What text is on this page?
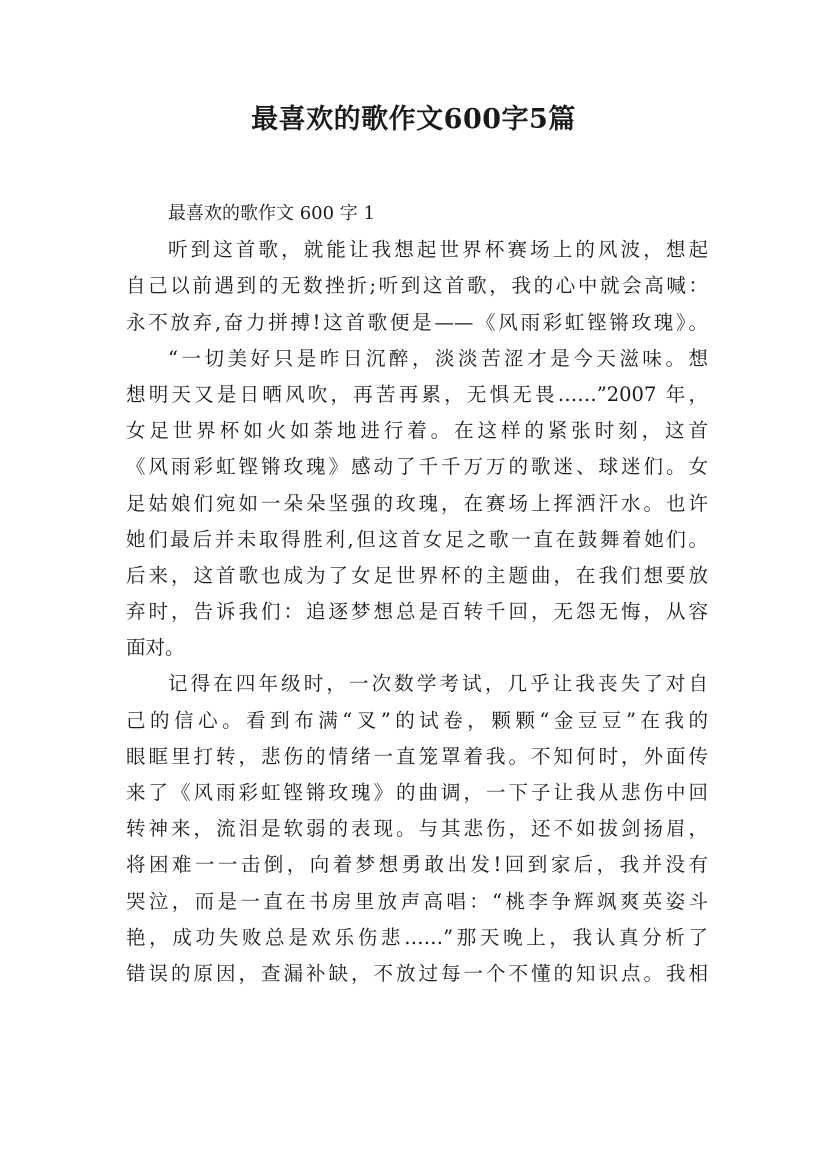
最喜欢的歌作文600字5篇
最喜欢的歌作文 600 字 1
听到这首歌，就能让我想起世界杯赛场上的风波，想起
自己以前遇到的无数挫折;听到这首歌，我的心中就会高喊：
永不放弃,奋力拼搏!这首歌便是——《风雨彩虹铿锵玫瑰》。
“一切美好只是昨日沉醉，淡淡苦涩才是今天滋味。想
想明天又是日晒风吹，再苦再累，无惧无畏……”2007 年，
女足世界杯如火如荼地进行着。在这样的紧张时刻，这首
《风雨彩虹铿锵玫瑰》感动了千千万万的歌迷、球迷们。女
足姑娘们宛如一朵朵坚强的玫瑰，在赛场上挥洒汗水。也许
她们最后并未取得胜利,但这首女足之歌一直在鼓舞着她们。
后来，这首歌也成为了女足世界杯的主题曲，在我们想要放
弃时，告诉我们：追逐梦想总是百转千回，无怨无悔，从容
面对。
记得在四年级时，一次数学考试，几乎让我丧失了对自
己的信心。看到布满“叉”的试卷，颗颗“金豆豆”在我的
眼眶里打转，悲伤的情绪一直笼罩着我。不知何时，外面传
来了《风雨彩虹铿锵玫瑰》的曲调，一下子让我从悲伤中回
转神来，流泪是软弱的表现。与其悲伤，还不如拔剑扬眉，
将困难一一击倒，向着梦想勇敢出发!回到家后，我并没有
哭泣，而是一直在书房里放声高唱：“桃李争辉飒爽英姿斗
艳，成功失败总是欢乐伤悲……”那天晚上，我认真分析了
错误的原因，查漏补缺，不放过每一个不懂的知识点。我相
